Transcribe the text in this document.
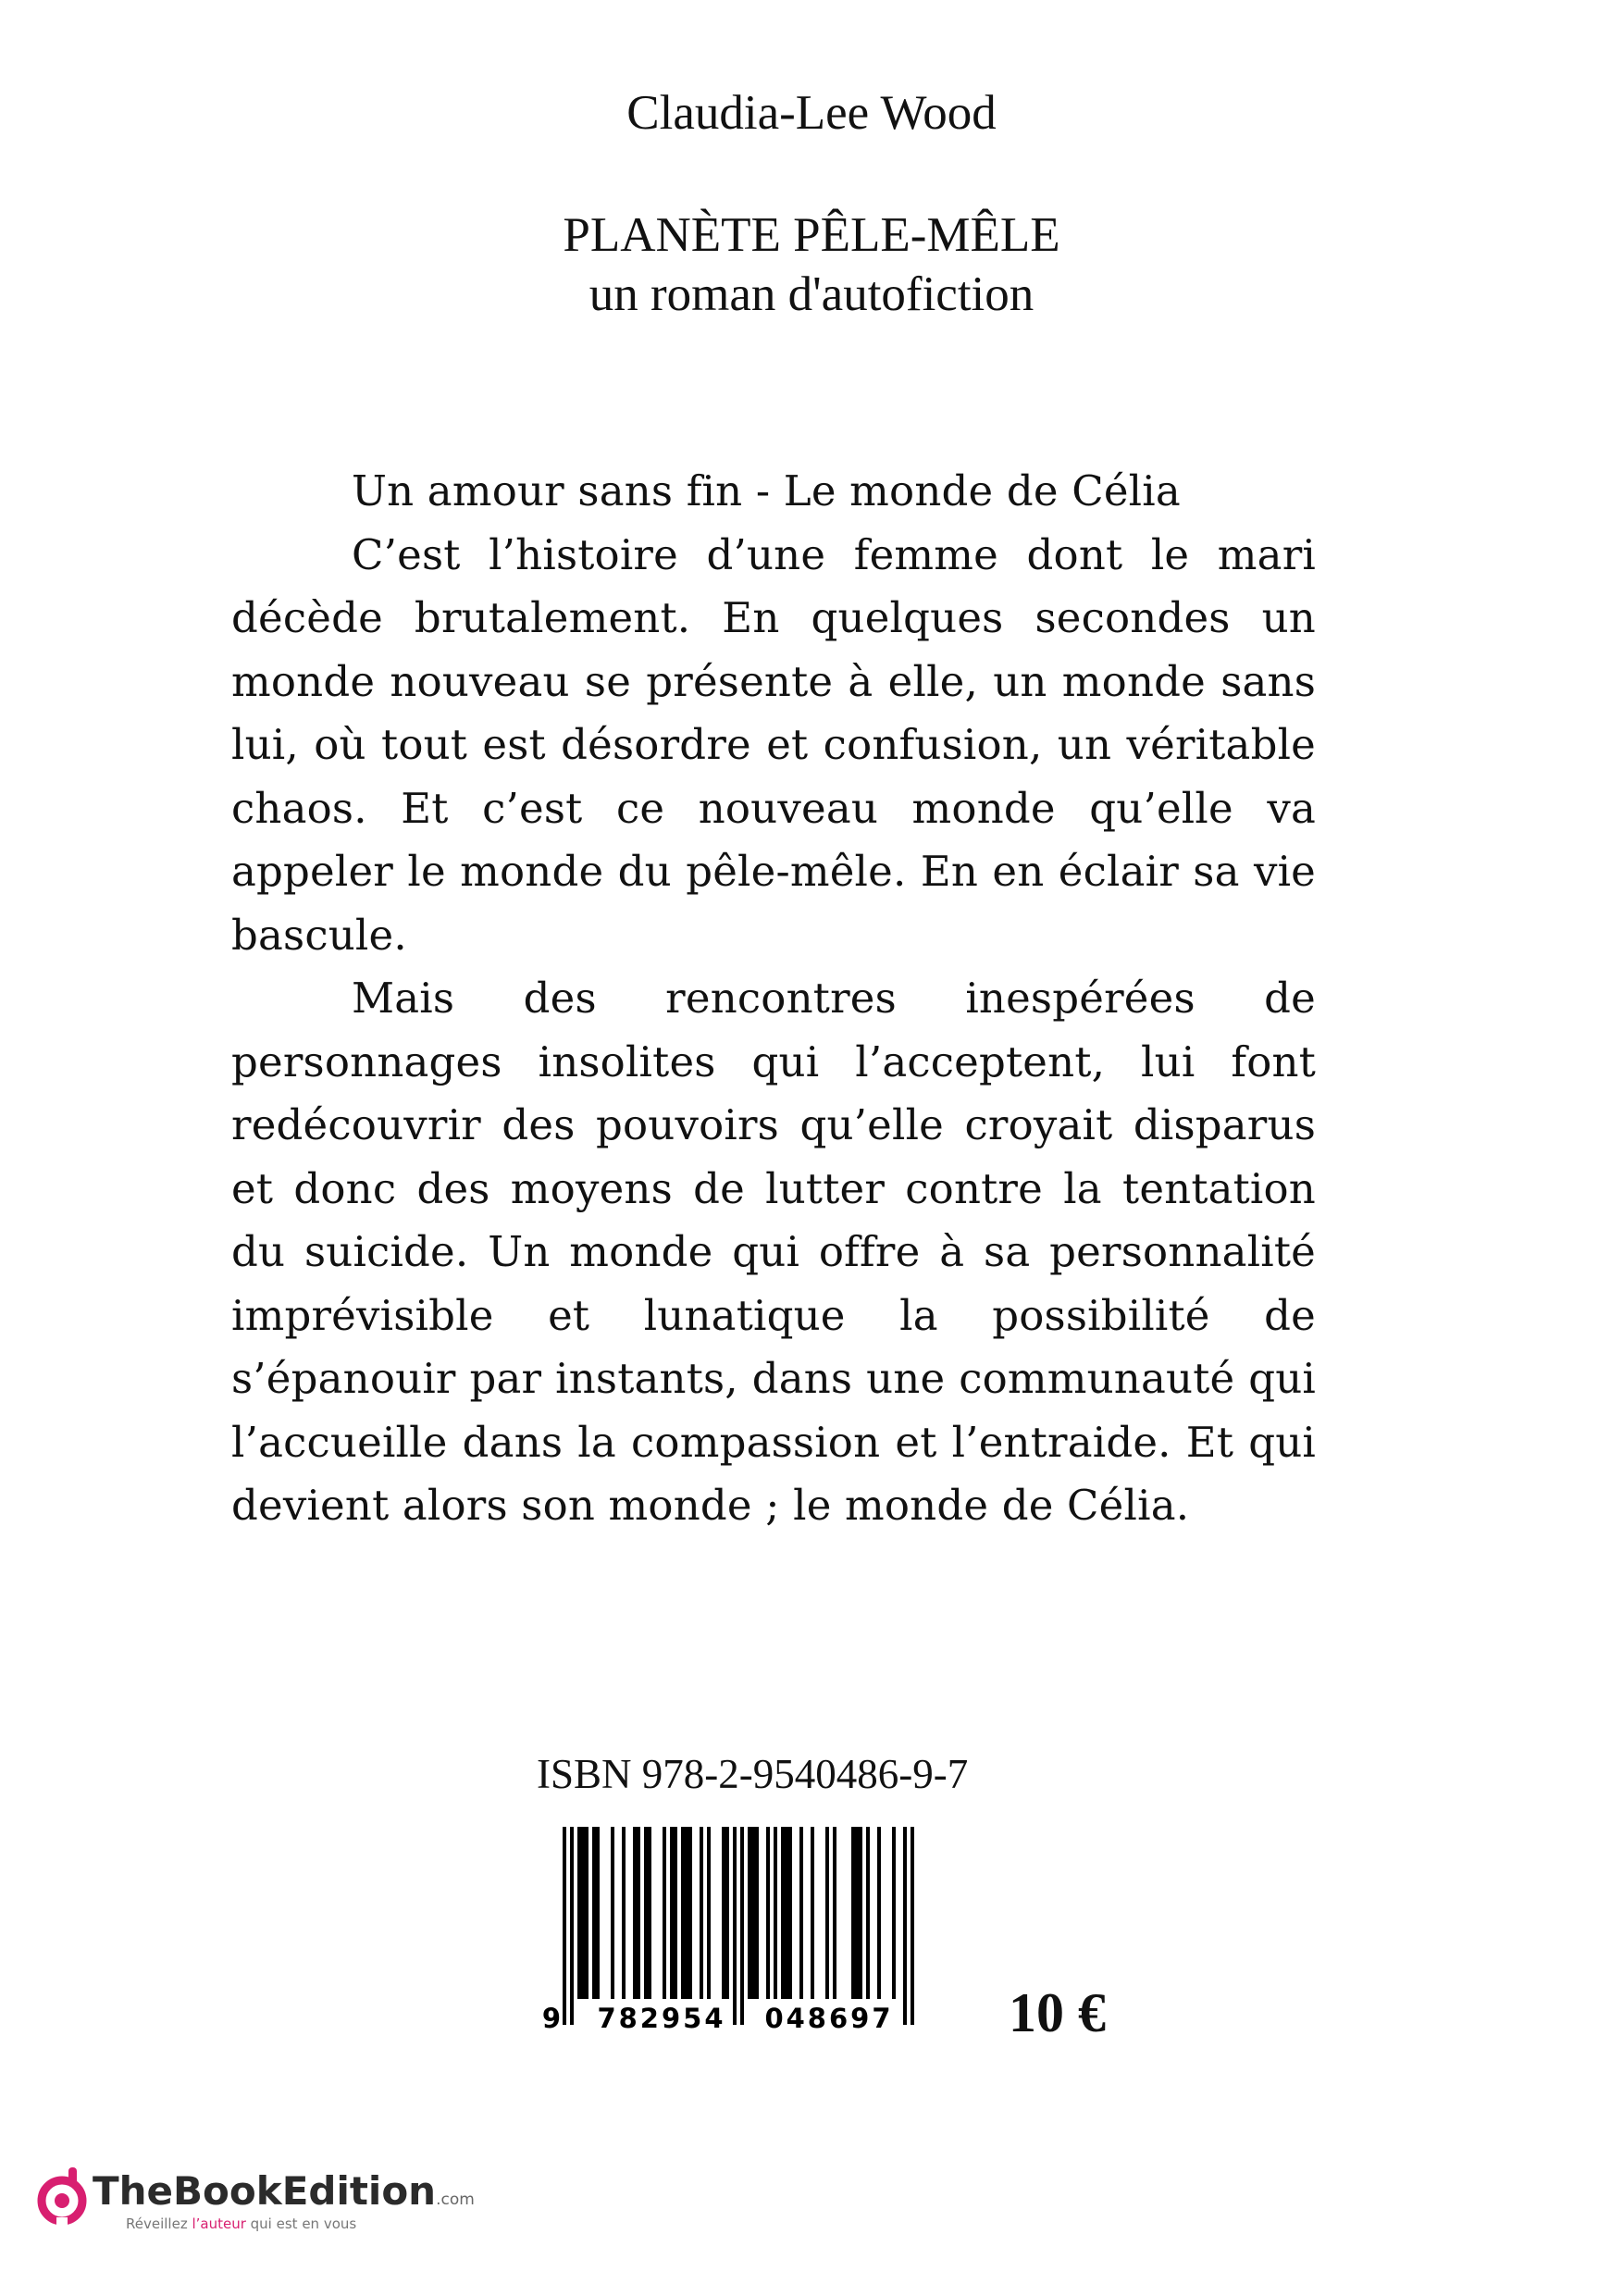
Claudia-Lee Wood
PLANÈTE PÊLE-MÊLE
un roman d'autofiction

Un amour sans fin - Le monde de Célia

C’est l’histoire d’une femme dont le mari décède brutalement. En quelques secondes un monde nouveau se présente à elle, un monde sans lui, où tout est désordre et confusion, un véritable chaos. Et c’est ce nouveau monde qu’elle va appeler le monde du pêle-mêle. En en éclair sa vie bascule.

Mais des rencontres inespérées de personnages insolites qui l’acceptent, lui font redécouvrir des pouvoirs qu’elle croyait disparus et donc des moyens de lutter contre la tentation du suicide. Un monde qui offre à sa personnalité imprévisible et lunatique la possibilité de s’épanouir par instants, dans une communauté qui l’accueille dans la compassion et l’entraide. Et qui devient alors son monde ; le monde de Célia.

ISBN 978-2-9540486-9-7
9 782954 048697 10 €
TheBookEdition.com
Réveillez l’auteur qui est en vous
